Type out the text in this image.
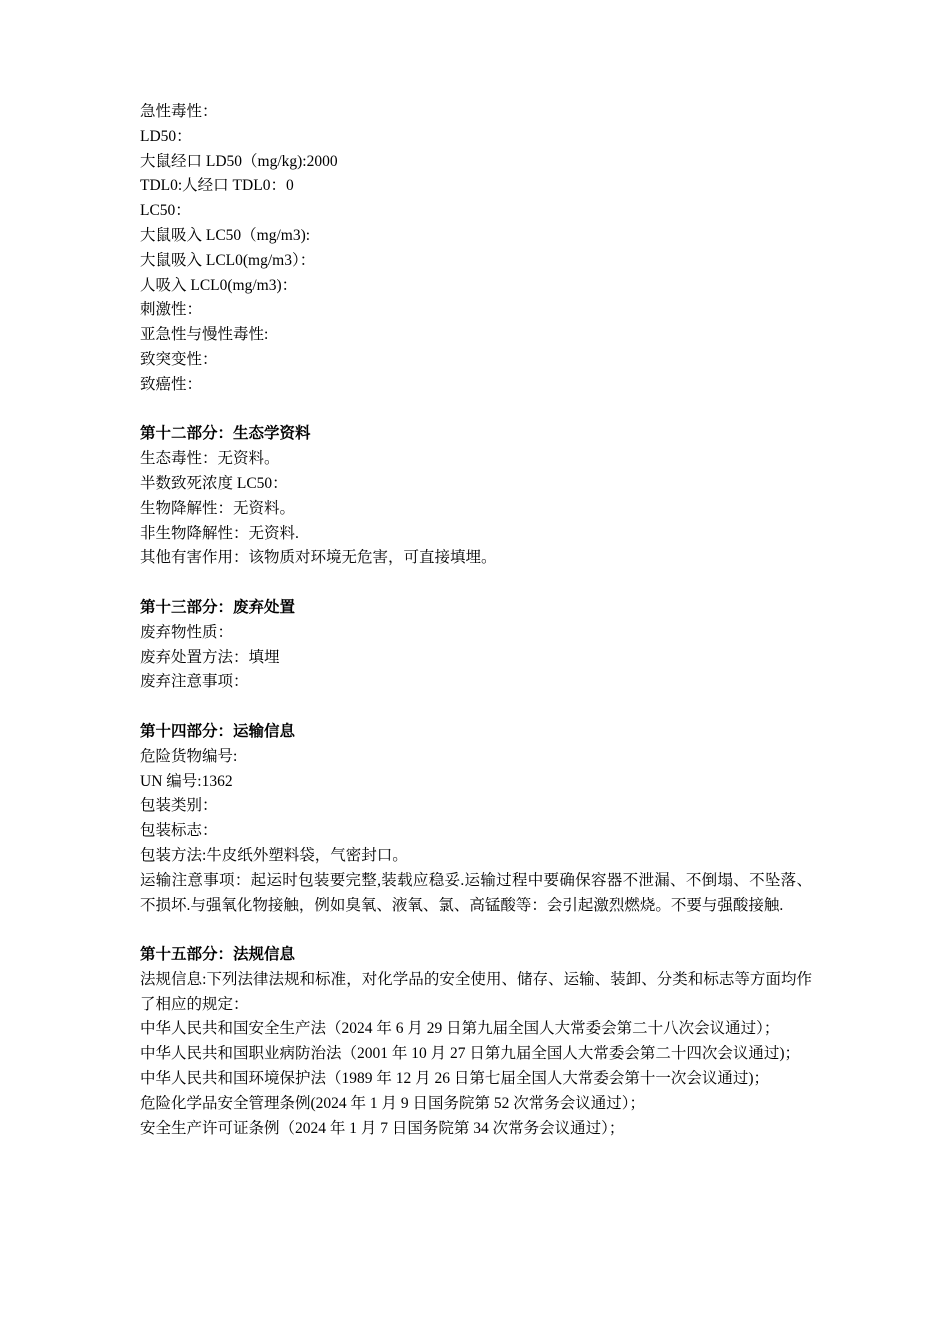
急性毒性：

LD50：

大鼠经口 LD50（mg/kg):2000

TDL0:人经口 TDL0：0

LC50：

大鼠吸入 LC50（mg/m3):

大鼠吸入 LCL0(mg/m3）：

人吸入 LCL0(mg/m3)：

刺激性：

亚急性与慢性毒性:

致突变性：

致癌性：

第十二部分：生态学资料

生态毒性：无资料。

半数致死浓度 LC50：

生物降解性：无资料。

非生物降解性：无资料.

其他有害作用：该物质对环境无危害，可直接填埋。

第十三部分：废弃处置

废弃物性质：

废弃处置方法：填埋

废弃注意事项：

第十四部分：运输信息

危险货物编号:

UN 编号:1362

包装类别：

包装标志：

包装方法:牛皮纸外塑料袋，气密封口。

运输注意事项：起运时包装要完整,装载应稳妥.运输过程中要确保容器不泄漏、不倒塌、不坠落、不损坏.与强氧化物接触，例如臭氧、液氧、氯、高锰酸等：会引起激烈燃烧。不要与强酸接触.

第十五部分：法规信息

法规信息:下列法律法规和标准，对化学品的安全使用、储存、运输、装卸、分类和标志等方面均作了相应的规定：

中华人民共和国安全生产法（2024 年 6 月 29 日第九届全国人大常委会第二十八次会议通过）；

中华人民共和国职业病防治法（2001 年 10 月 27 日第九届全国人大常委会第二十四次会议通过)；

中华人民共和国环境保护法（1989 年 12 月 26 日第七届全国人大常委会第十一次会议通过)；

危险化学品安全管理条例(2024 年 1 月 9 日国务院第 52 次常务会议通过）；

安全生产许可证条例（2024 年 1 月 7 日国务院第 34 次常务会议通过）；
